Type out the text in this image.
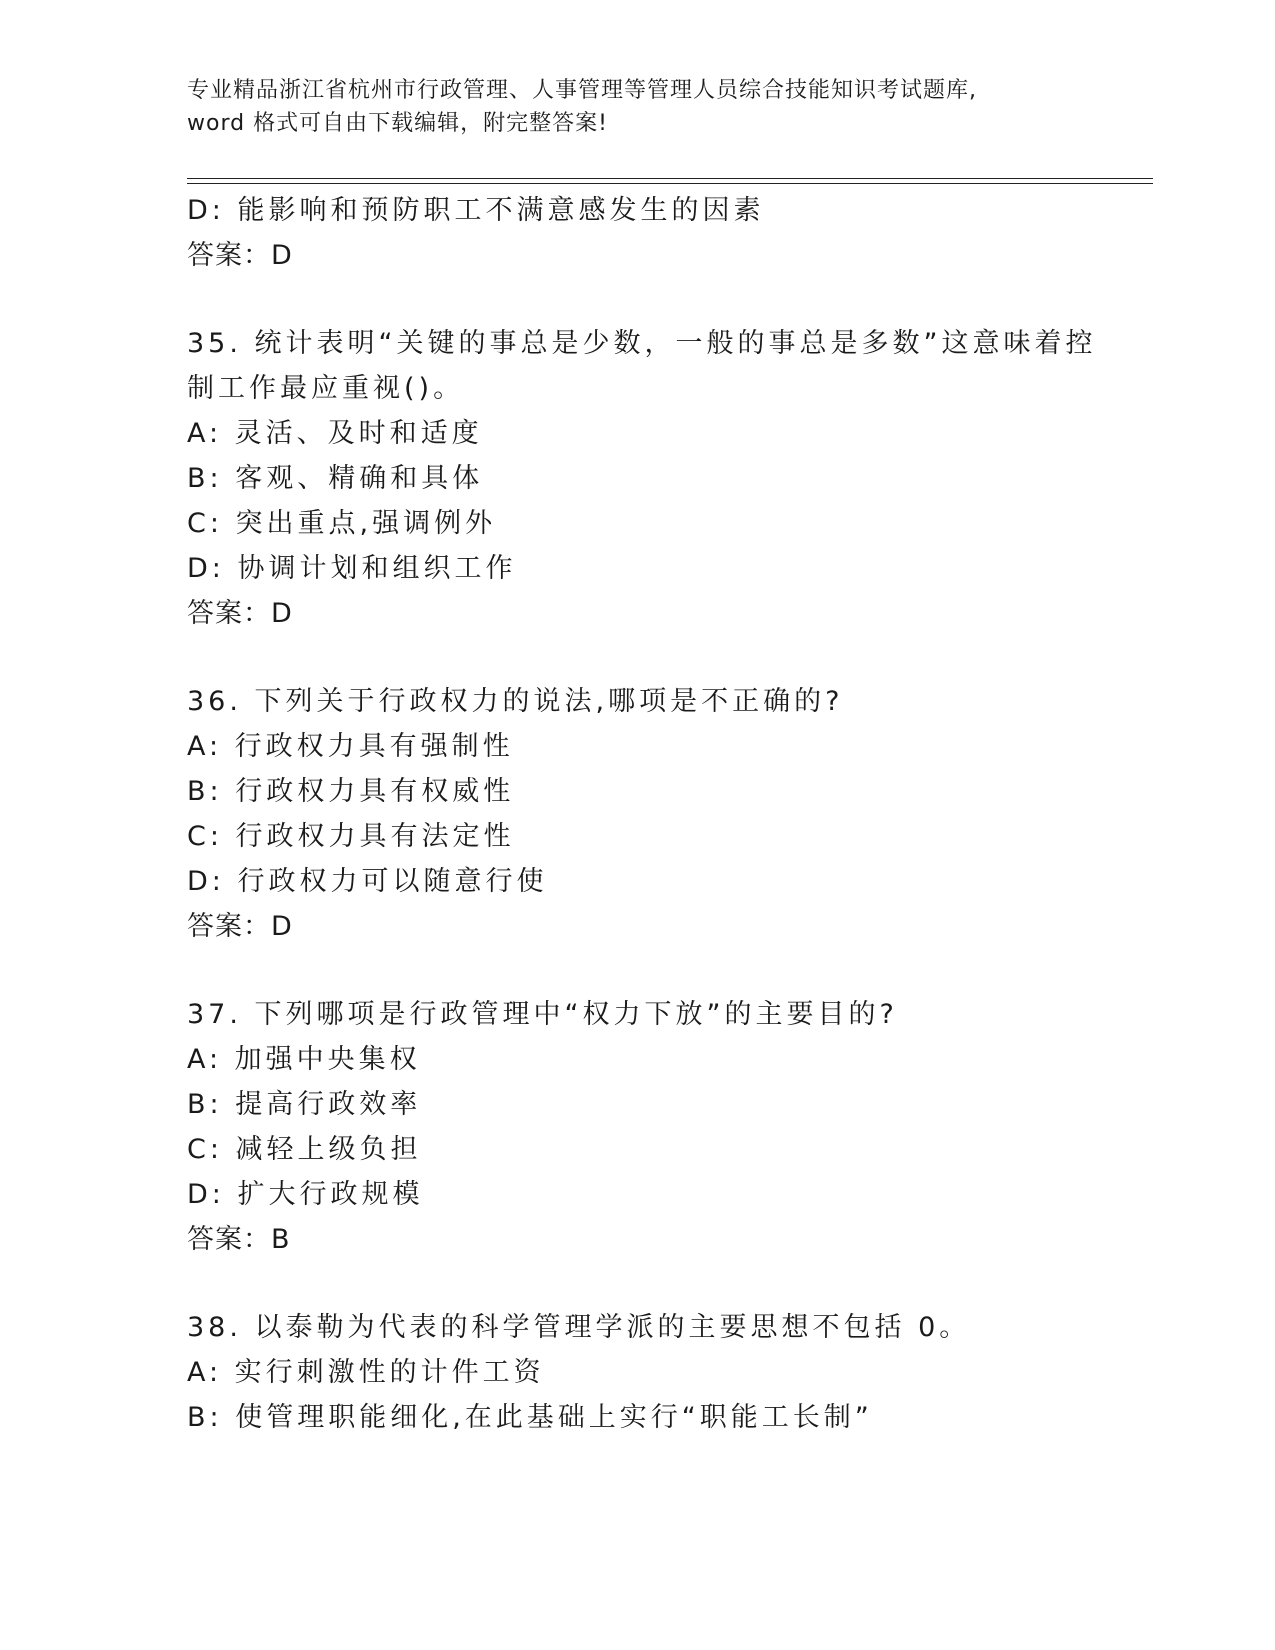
专业精品浙江省杭州市行政管理、人事管理等管理人员综合技能知识考试题库,
word 格式可自由下载编辑，附完整答案!
D: 能影响和预防职工不满意感发生的因素
答案：D
35. 统计表明“关键的事总是少数，一般的事总是多数”这意味着控
制工作最应重视()。
A: 灵活、及时和适度
B: 客观、精确和具体
C: 突出重点,强调例外
D: 协调计划和组织工作
答案：D
36. 下列关于行政权力的说法,哪项是不正确的?
A: 行政权力具有强制性
B: 行政权力具有权威性
C: 行政权力具有法定性
D: 行政权力可以随意行使
答案：D
37. 下列哪项是行政管理中“权力下放”的主要目的?
A: 加强中央集权
B: 提高行政效率
C: 减轻上级负担
D: 扩大行政规模
答案：B
38. 以泰勒为代表的科学管理学派的主要思想不包括 0。
A: 实行刺激性的计件工资
B: 使管理职能细化,在此基础上实行“职能工长制”
